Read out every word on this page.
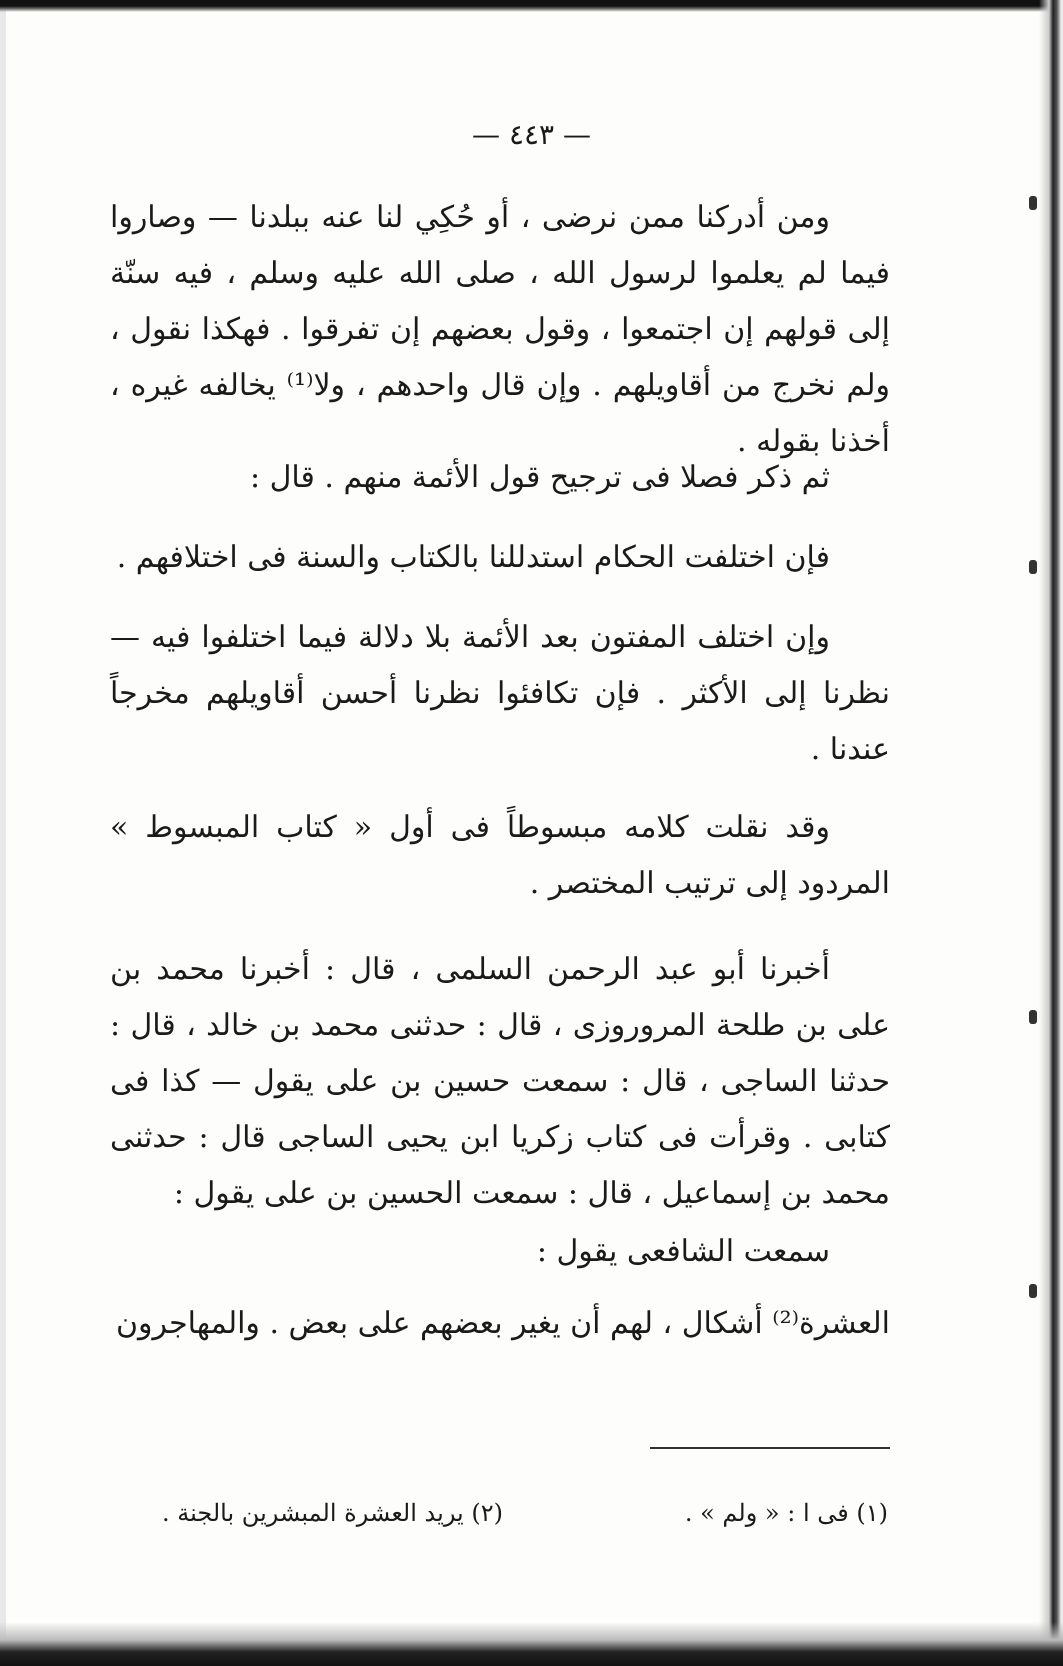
— ٤٤٣ —
ومن أدركنا ممن نرضى ، أو حُكِي لنا عنه ببلدنا — وصاروا فيما لم يعلموا لرسول الله ، صلى الله عليه وسلم ، فيه سنّة إلى قولهم إن اجتمعوا ، وقول بعضهم إن تفرقوا . فهكذا نقول ، ولم نخرج من أقاويلهم . وإن قال واحدهم ، ولا⁽¹⁾ يخالفه غيره ، أخذنا بقوله .
ثم ذكر فصلا فى ترجيح قول الأئمة منهم . قال :
فإن اختلفت الحكام استدللنا بالكتاب والسنة فى اختلافهم .
وإن اختلف المفتون بعد الأئمة بلا دلالة فيما اختلفوا فيه — نظرنا إلى الأكثر . فإن تكافئوا نظرنا أحسن أقاويلهم مخرجاً عندنا .
وقد نقلت كلامه مبسوطاً فى أول « كتاب المبسوط » المردود إلى ترتيب المختصر .
أخبرنا أبو عبد الرحمن السلمى ، قال : أخبرنا محمد بن على بن طلحة المروروزى ، قال : حدثنى محمد بن خالد ، قال : حدثنا الساجى ، قال : سمعت حسين بن على يقول — كذا فى كتابى . وقرأت فى كتاب زكريا ابن يحيى الساجى قال : حدثنى محمد بن إسماعيل ، قال : سمعت الحسين بن على يقول :
سمعت الشافعى يقول :
العشرة⁽²⁾ أشكال ، لهم أن يغير بعضهم على بعض . والمهاجرون
(١) فى ا : « ولم » .
(٢) يريد العشرة المبشرين بالجنة .
